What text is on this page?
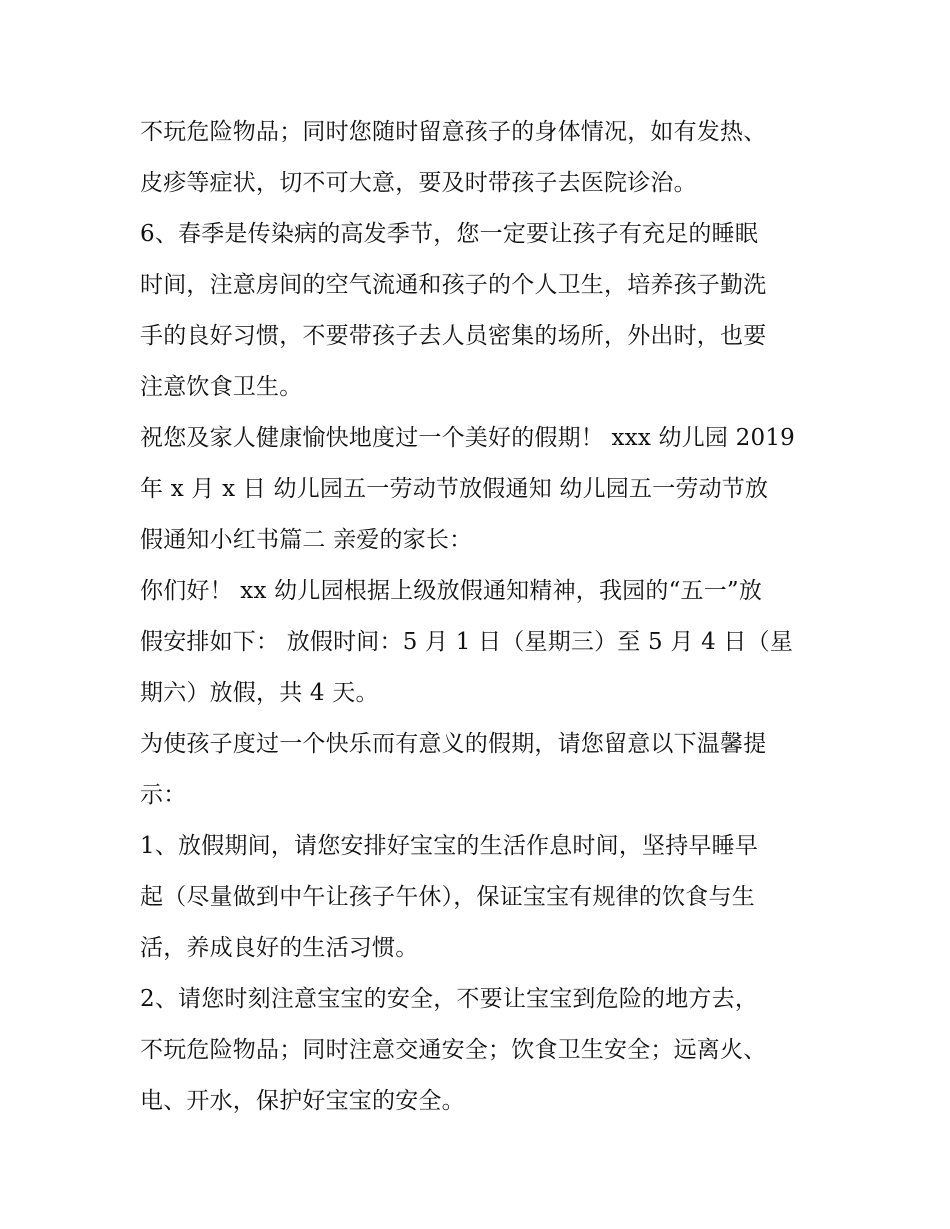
不玩危险物品；同时您随时留意孩子的身体情况，如有发热、
皮疹等症状，切不可大意，要及时带孩子去医院诊治。
6、春季是传染病的高发季节，您一定要让孩子有充足的睡眠
时间，注意房间的空气流通和孩子的个人卫生，培养孩子勤洗
手的良好习惯，不要带孩子去人员密集的场所，外出时，也要
注意饮食卫生。
祝您及家人健康愉快地度过一个美好的假期！ xxx 幼儿园 2019
年 x 月 x 日 幼儿园五一劳动节放假通知 幼儿园五一劳动节放
假通知小红书篇二 亲爱的家长：
你们好！ xx 幼儿园根据上级放假通知精神，我园的“五一”放
假安排如下： 放假时间：5 月 1 日（星期三）至 5 月 4 日（星
期六）放假，共 4 天。
为使孩子度过一个快乐而有意义的假期，请您留意以下温馨提
示：
1、放假期间，请您安排好宝宝的生活作息时间，坚持早睡早
起（尽量做到中午让孩子午休），保证宝宝有规律的饮食与生
活，养成良好的生活习惯。
2、请您时刻注意宝宝的安全，不要让宝宝到危险的地方去，
不玩危险物品；同时注意交通安全；饮食卫生安全；远离火、
电、开水，保护好宝宝的安全。
